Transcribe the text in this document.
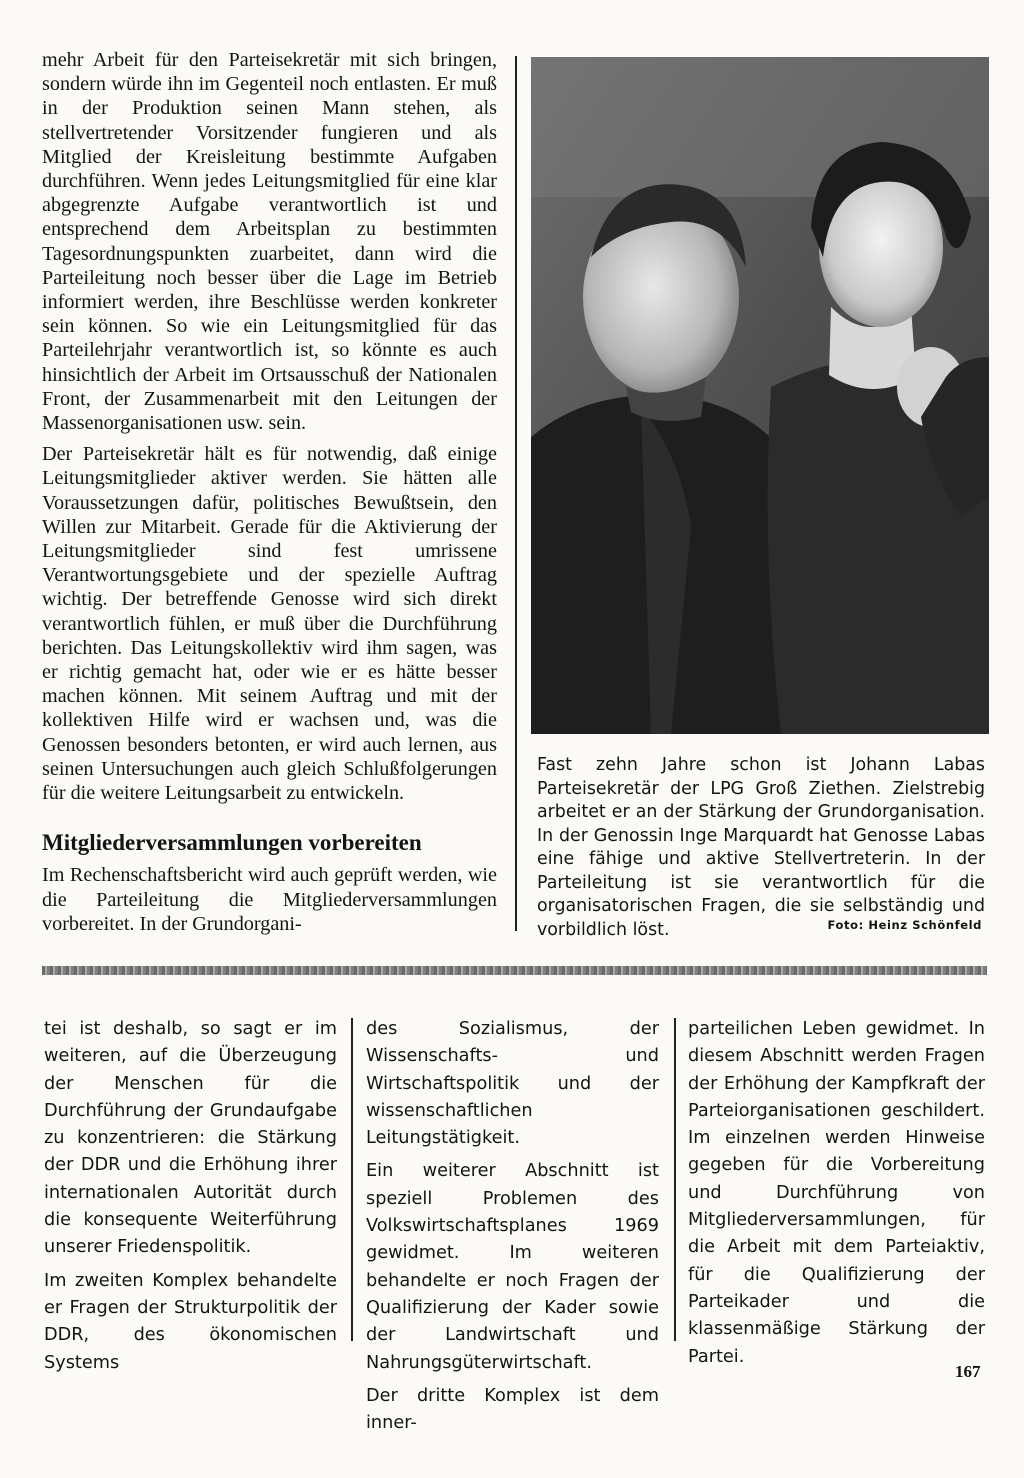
mehr Arbeit für den Parteisekretär mit sich bringen, sondern würde ihn im Gegenteil noch entlasten. Er muß in der Produktion seinen Mann stehen, als stellvertretender Vorsitzender fungieren und als Mitglied der Kreisleitung bestimmte Aufgaben durchführen. Wenn jedes Leitungsmitglied für eine klar abgegrenzte Aufgabe verantwortlich ist und entsprechend dem Arbeitsplan zu bestimmten Tagesordnungspunkten zuarbeitet, dann wird die Parteileitung noch besser über die Lage im Betrieb informiert werden, ihre Beschlüsse werden konkreter sein können. So wie ein Leitungsmitglied für das Parteilehrjahr verantwortlich ist, so könnte es auch hinsichtlich der Arbeit im Ortsausschuß der Nationalen Front, der Zusammenarbeit mit den Leitungen der Massenorganisationen usw. sein.

Der Parteisekretär hält es für notwendig, daß einige Leitungsmitglieder aktiver werden. Sie hätten alle Voraussetzungen dafür, politisches Bewußtsein, den Willen zur Mitarbeit. Gerade für die Aktivierung der Leitungsmitglieder sind fest umrissene Verantwortungsgebiete und der spezielle Auftrag wichtig. Der betreffende Genosse wird sich direkt verantwortlich fühlen, er muß über die Durchführung berichten. Das Leitungskollektiv wird ihm sagen, was er richtig gemacht hat, oder wie er es hätte besser machen können. Mit seinem Auftrag und mit der kollektiven Hilfe wird er wachsen und, was die Genossen besonders betonten, er wird auch lernen, aus seinen Untersuchungen auch gleich Schlußfolgerungen für die weitere Leitungsarbeit zu entwickeln.

Mitgliederversammlungen vorbereiten

Im Rechenschaftsbericht wird auch geprüft werden, wie die Parteileitung die Mitgliederversammlungen vorbereitet. In der Grundorgani-

Fast zehn Jahre schon ist Johann Labas Parteisekretär der LPG Groß Ziethen. Zielstrebig arbeitet er an der Stärkung der Grundorganisation. In der Genossin Inge Marquardt hat Genosse Labas eine fähige und aktive Stellvertreterin. In der Parteileitung ist sie verantwortlich für die organisatorischen Fragen, die sie selbständig und vorbildlich löst.	Foto: Heinz Schönfeld

tei ist deshalb, so sagt er im weiteren, auf die Überzeugung der Menschen für die Durchführung der Grundaufgabe zu konzentrieren: die Stärkung der DDR und die Erhöhung ihrer internationalen Autorität durch die konsequente Weiterführung unserer Friedenspolitik.

Im zweiten Komplex behandelte er Fragen der Strukturpolitik der DDR, des ökonomischen Systems

des Sozialismus, der Wissenschafts- und Wirtschaftspolitik und der wissenschaftlichen Leitungstätigkeit.

Ein weiterer Abschnitt ist speziell Problemen des Volkswirtschaftsplanes 1969 gewidmet. Im weiteren behandelte er noch Fragen der Qualifizierung der Kader sowie der Landwirtschaft und Nahrungsgüterwirtschaft.

Der dritte Komplex ist dem inner-

parteilichen Leben gewidmet. In diesem Abschnitt werden Fragen der Erhöhung der Kampfkraft der Parteiorganisationen geschildert. Im einzelnen werden Hinweise gegeben für die Vorbereitung und Durchführung von Mitgliederversammlungen, für die Arbeit mit dem Parteiaktiv, für die Qualifizierung der Parteikader und die klassenmäßige Stärkung der Partei.

167
